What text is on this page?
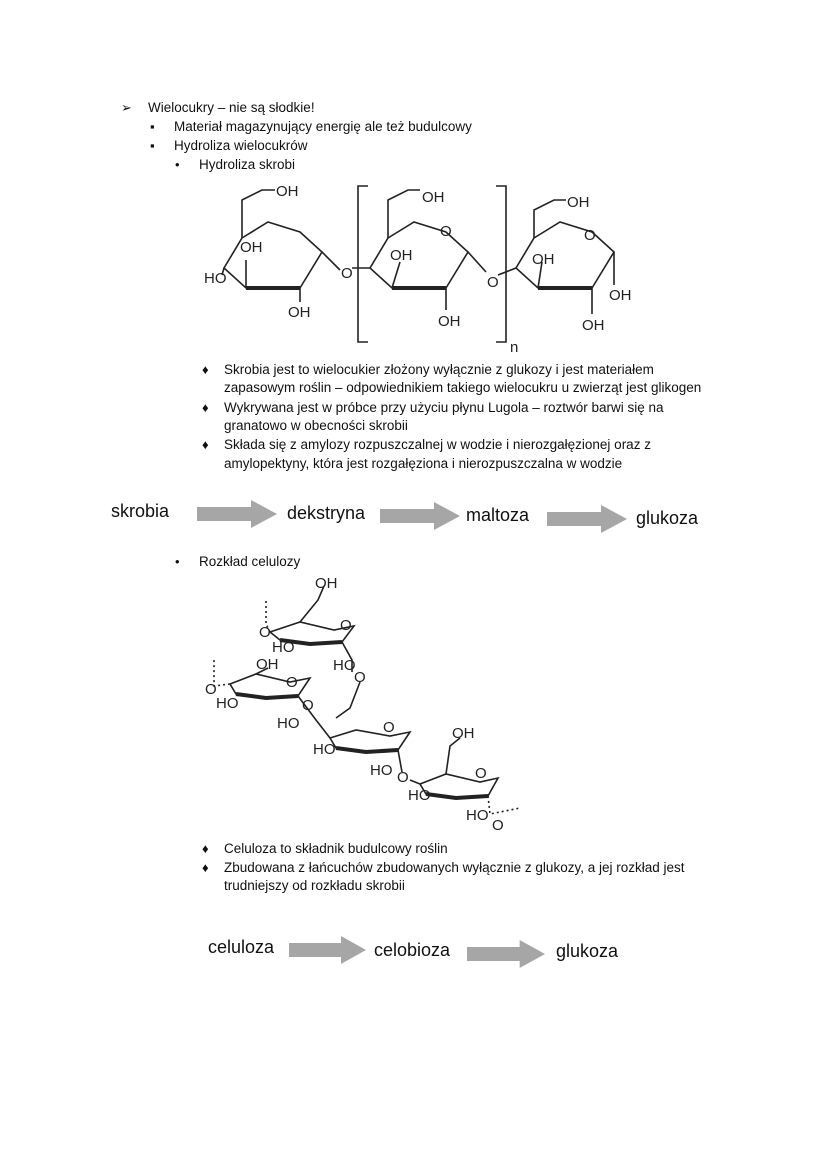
➢ Wielocukry – nie są słodkie!
▪ Materiał magazynujący energię ale też budulcowy
▪ Hydroliza wielocukrów
• Hydroliza skrobi
OH
OH
HO
OH
O
OH
O
OH
OH
O
n
OH
O
OH
OH
OH
♦ Skrobia jest to wielocukier złożony wyłącznie z glukozy i jest materiałem
zapasowym roślin – odpowiednikiem takiego wielocukru u zwierząt jest glikogen
♦ Wykrywana jest w próbce przy użyciu płynu Lugola – roztwór barwi się na
granatowo w obecności skrobii
♦ Składa się z amylozy rozpuszczalnej w wodzie i nierozgałęzionej oraz z
amylopektyny, która jest rozgałęziona i nierozpuszczalna w wodzie
skrobia	dekstryna	maltoza	glukoza
• Rozkład celulozy
OH
O
O
HO
HO
OH
O
O	O
HO
HO
O
O
HO
OH
HO O	O
HO
HO
O
♦ Celuloza to składnik budulcowy roślin
♦ Zbudowana z łańcuchów zbudowanych wyłącznie z glukozy, a jej rozkład jest
trudniejszy od rozkładu skrobii
celuloza	celobioza	glukoza
